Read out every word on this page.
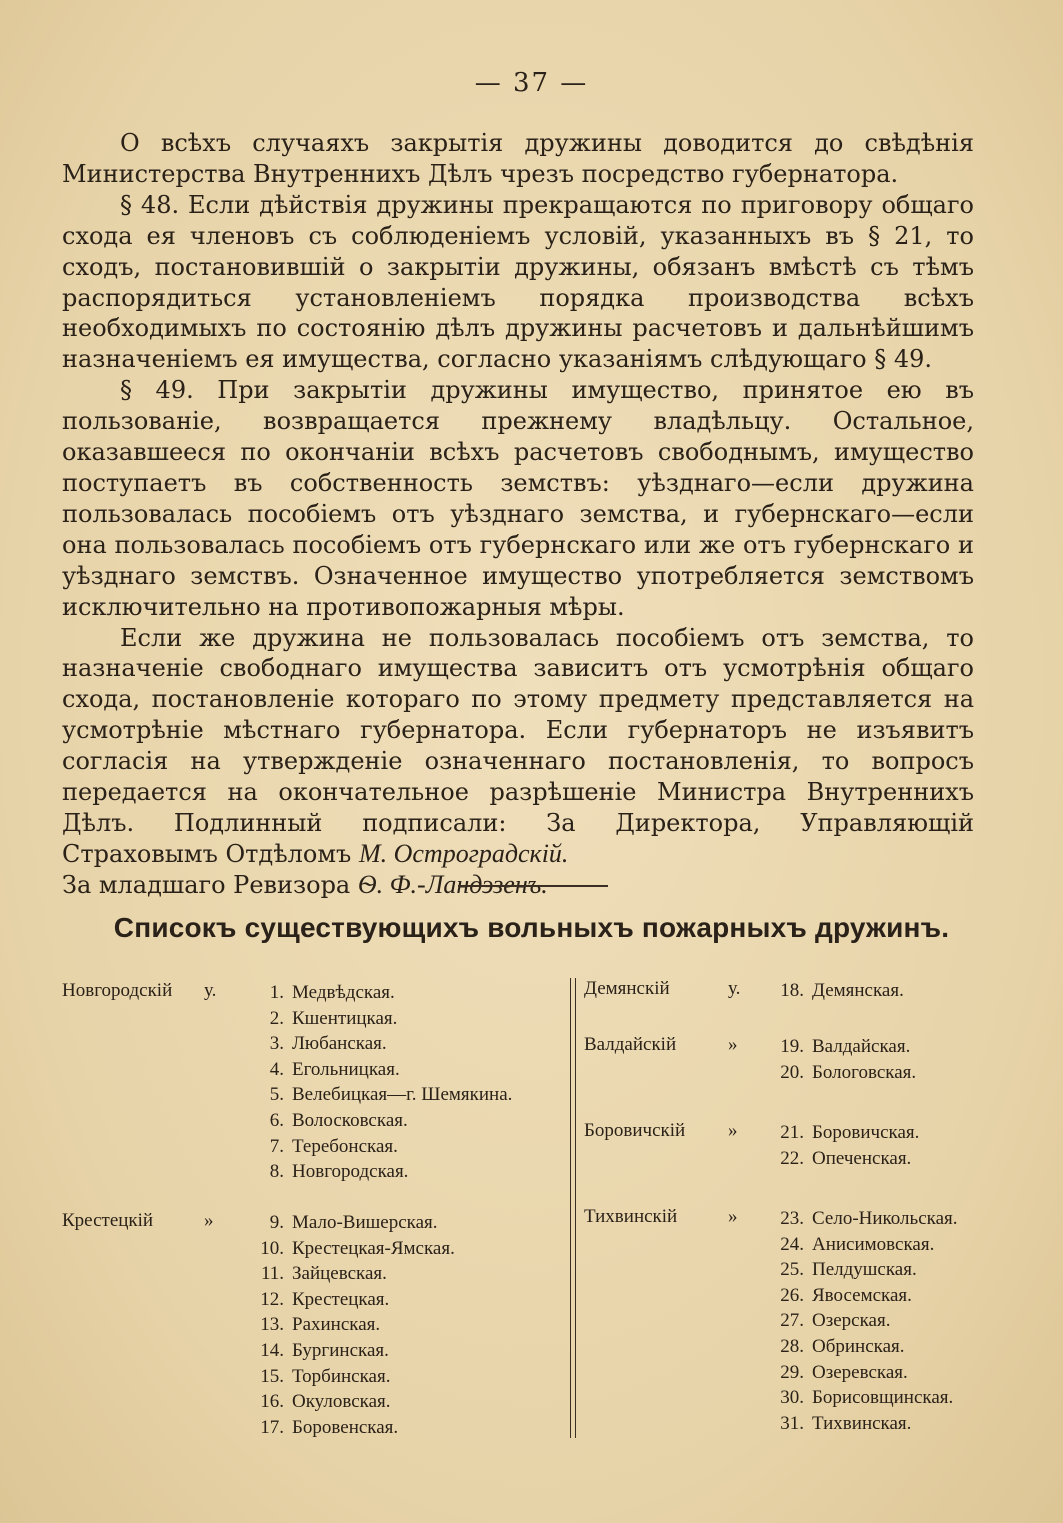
— 37 —

О всѣхъ случаяхъ закрытія дружины доводится до свѣдѣнія Министерства Внутреннихъ Дѣлъ чрезъ посредство губернатора.

§ 48. Если дѣйствія дружины прекращаются по приговору общаго схода ея членовъ съ соблюденіемъ условій, указанныхъ въ § 21, то сходъ, постановившій о закрытіи дружины, обязанъ вмѣстѣ съ тѣмъ распорядиться установленіемъ порядка производства всѣхъ необходимыхъ по состоянію дѣлъ дружины расчетовъ и дальнѣйшимъ назначеніемъ ея имущества, согласно указаніямъ слѣдующаго § 49.

§ 49. При закрытіи дружины имущество, принятое ею въ пользованіе, возвращается прежнему владѣльцу. Остальное, оказавшееся по окончаніи всѣхъ расчетовъ свободнымъ, имущество поступаетъ въ собственность земствъ: уѣзднаго—если дружина пользовалась пособіемъ отъ уѣзднаго земства, и губернскаго—если она пользовалась пособіемъ отъ губернскаго или же отъ губернскаго и уѣзднаго земствъ. Означенное имущество употребляется земствомъ исключительно на противопожарныя мѣры.

Если же дружина не пользовалась пособіемъ отъ земства, то назначеніе свободнаго имущества зависитъ отъ усмотрѣнія общаго схода, постановленіе котораго по этому предмету представляется на усмотрѣніе мѣстнаго губернатора. Если губернаторъ не изъявитъ согласія на утвержденіе означеннаго постановленія, то вопросъ передается на окончательное разрѣшеніе Министра Внутреннихъ Дѣлъ. Подлинный подписали: За Директора, Управляющій Страховымъ Отдѣломъ М. Остроградскій.
За младшаго Ревизора Ѳ. Ф.-Ландэзенъ.

Списокъ существующихъ вольныхъ пожарныхъ дружинъ.
Новгородскій у.	1. Медвѣдская.
2. Кшентицкая.
3. Любанская.
4. Егольницкая.
5. Велебицкая—г. Шемякина.
6. Волосковская.
7. Теребонская.
8. Новгородская.
Крестецкій	»	9. Мало-Вишерская.
10. Крестецкая-Ямская.
11. Зайцевская.
12. Крестецкая.
13. Рахинская.
14. Бургинская.
15. Торбинская.
16. Окуловская.
17. Боровенская.
Демянскій	у.	18. Демянская.
Валдайскій	»	19. Валдайская.
20. Бологовская.
Боровичскій »	21. Боровичская.
22. Опеченская.
Тихвинскій	»	23. Село-Никольская.
24. Анисимовская.
25. Пелдушская.
26. Явосемская.
27. Озерская.
28. Обринская.
29. Озеревская.
30. Борисовщинская.
31. Тихвинская.
